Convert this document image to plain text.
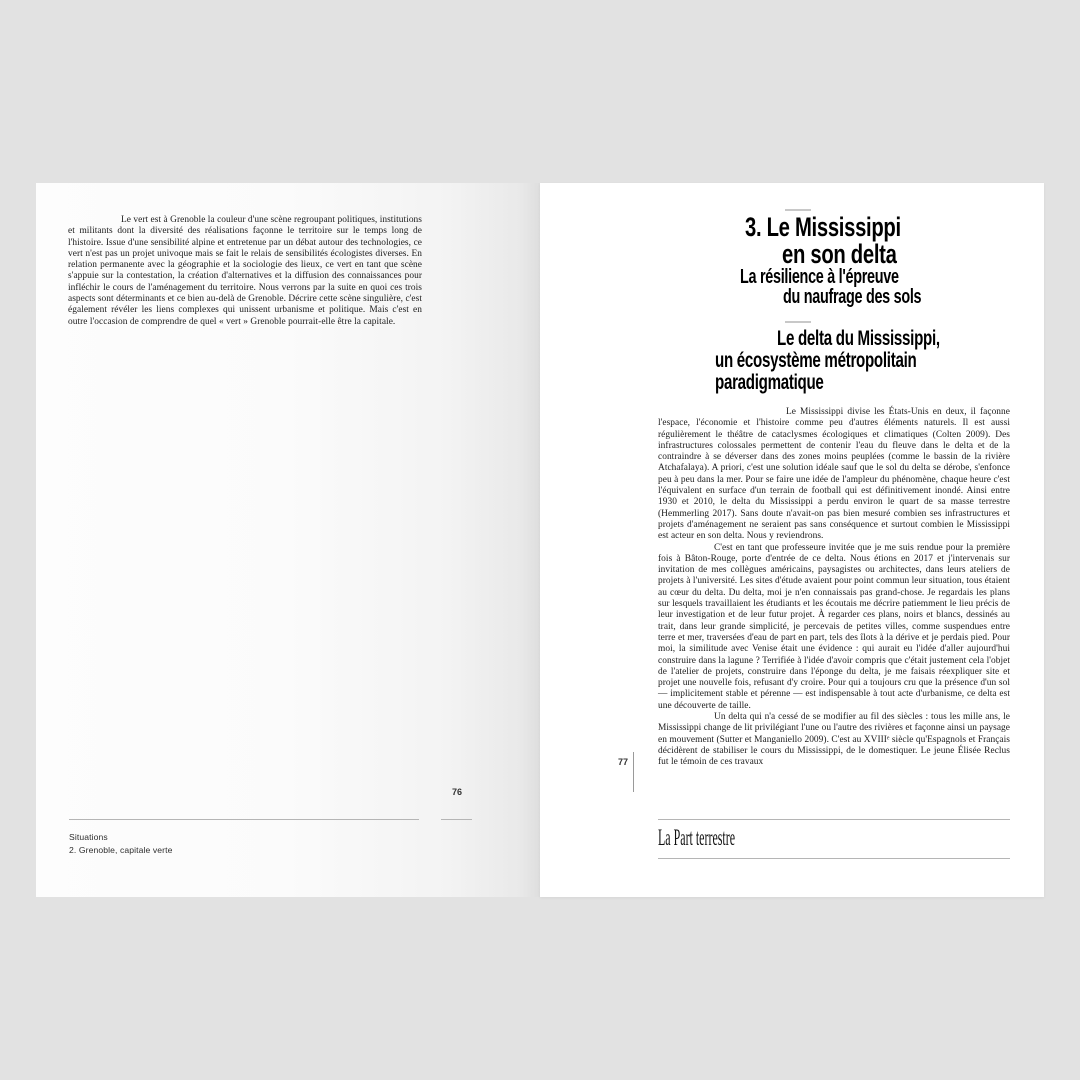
Le vert est à Grenoble la couleur d'une scène regroupant politiques, institutions et militants dont la diversité des réalisations façonne le territoire sur le temps long de l'histoire. Issue d'une sensibilité alpine et entretenue par un débat autour des technologies, ce vert n'est pas un projet univoque mais se fait le relais de sensibilités écologistes diverses. En relation permanente avec la géographie et la sociologie des lieux, ce vert en tant que scène s'appuie sur la contestation, la création d'alternatives et la diffusion des connaissances pour infléchir le cours de l'aménagement du territoire. Nous verrons par la suite en quoi ces trois aspects sont déterminants et ce bien au-delà de Grenoble. Décrire cette scène singulière, c'est également révéler les liens complexes qui unissent urbanisme et politique. Mais c'est en outre l'occasion de comprendre de quel « vert » Grenoble pourrait-elle être la capitale.

76
Situations
2. Grenoble, capitale verte
3. Le Mississippi
en son delta
La résilience à l'épreuve
du naufrage des sols
Le delta du Mississippi,
un écosystème métropolitain
paradigmatique

Le Mississippi divise les États-Unis en deux, il façonne l'espace, l'économie et l'histoire comme peu d'autres éléments naturels. Il est aussi régulièrement le théâtre de cataclysmes écologiques et climatiques (Colten 2009). Des infrastructures colossales permettent de contenir l'eau du fleuve dans le delta et de la contraindre à se déverser dans des zones moins peuplées (comme le bassin de la rivière Atchafalaya). A priori, c'est une solution idéale sauf que le sol du delta se dérobe, s'enfonce peu à peu dans la mer. Pour se faire une idée de l'ampleur du phénomène, chaque heure c'est l'équivalent en surface d'un terrain de football qui est définitivement inondé. Ainsi entre 1930 et 2010, le delta du Mississippi a perdu environ le quart de sa masse terrestre (Hemmerling 2017). Sans doute n'avait-on pas bien mesuré combien ses infrastructures et projets d'aménagement ne seraient pas sans conséquence et surtout combien le Mississippi est acteur en son delta. Nous y reviendrons.

C'est en tant que professeure invitée que je me suis rendue pour la première fois à Bâton-Rouge, porte d'entrée de ce delta. Nous étions en 2017 et j'intervenais sur invitation de mes collègues américains, paysagistes ou architectes, dans leurs ateliers de projets à l'université. Les sites d'étude avaient pour point commun leur situation, tous étaient au cœur du delta. Du delta, moi je n'en connaissais pas grand-chose. Je regardais les plans sur lesquels travaillaient les étudiants et les écoutais me décrire patiemment le lieu précis de leur investigation et de leur futur projet. À regarder ces plans, noirs et blancs, dessinés au trait, dans leur grande simplicité, je percevais de petites villes, comme suspendues entre terre et mer, traversées d'eau de part en part, tels des îlots à la dérive et je perdais pied. Pour moi, la similitude avec Venise était une évidence : qui aurait eu l'idée d'aller aujourd'hui construire dans la lagune ? Terrifiée à l'idée d'avoir compris que c'était justement cela l'objet de l'atelier de projets, construire dans l'éponge du delta, je me faisais réexpliquer site et projet une nouvelle fois, refusant d'y croire. Pour qui a toujours cru que la présence d'un sol — implicitement stable et pérenne — est indispensable à tout acte d'urbanisme, ce delta est une découverte de taille.

Un delta qui n'a cessé de se modifier au fil des siècles : tous les mille ans, le Mississippi change de lit privilégiant l'une ou l'autre des rivières et façonne ainsi un paysage en mouvement (Sutter et Manganiello 2009). C'est au XVIIIᵉ siècle qu'Espagnols et Français décidèrent de stabiliser le cours du Mississippi, de le domestiquer. Le jeune Élisée Reclus fut le témoin de ces travaux

77
La Part terrestre
